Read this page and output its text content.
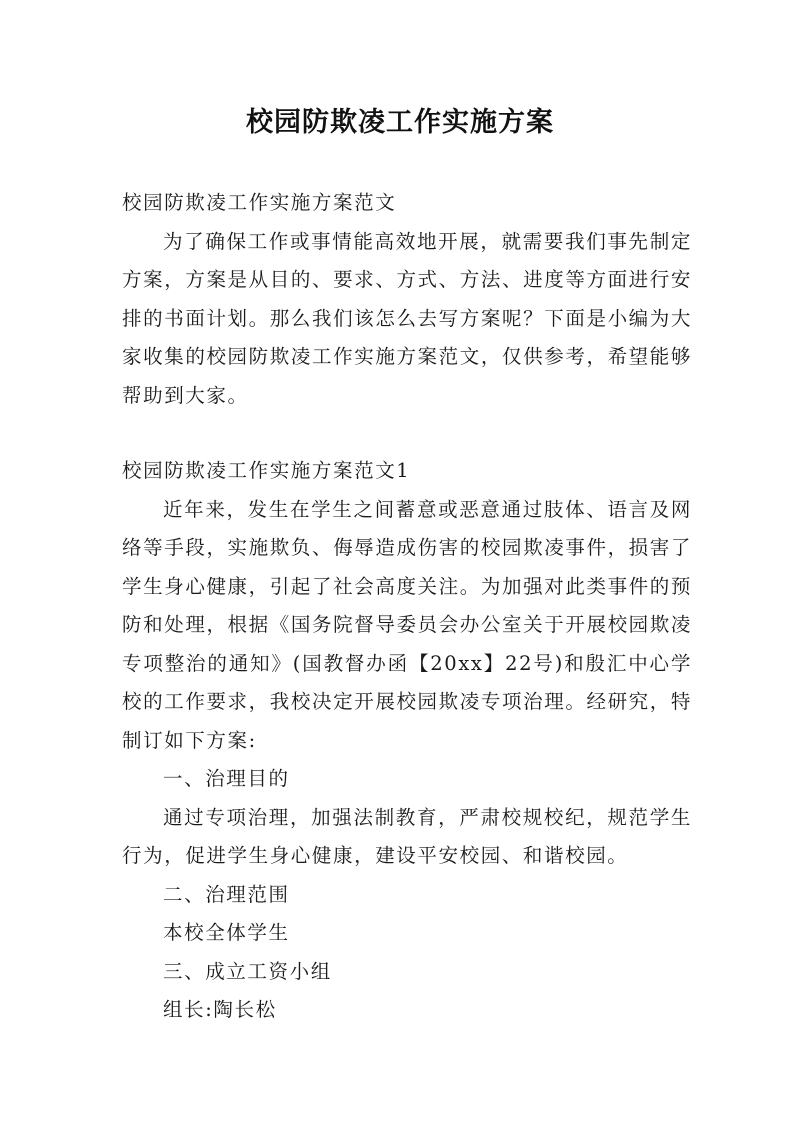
校园防欺凌工作实施方案

校园防欺凌工作实施方案范文

为了确保工作或事情能高效地开展，就需要我们事先制定方案，方案是从目的、要求、方式、方法、进度等方面进行安排的书面计划。那么我们该怎么去写方案呢？下面是小编为大家收集的校园防欺凌工作实施方案范文，仅供参考，希望能够帮助到大家。

校园防欺凌工作实施方案范文1

近年来，发生在学生之间蓄意或恶意通过肢体、语言及网络等手段，实施欺负、侮辱造成伤害的校园欺凌事件，损害了学生身心健康，引起了社会高度关注。为加强对此类事件的预防和处理，根据《国务院督导委员会办公室关于开展校园欺凌专项整治的通知》(国教督办函【20xx】22号)和殷汇中心学校的工作要求，我校决定开展校园欺凌专项治理。经研究，特制订如下方案:

一、治理目的

通过专项治理，加强法制教育，严肃校规校纪，规范学生行为，促进学生身心健康，建设平安校园、和谐校园。

二、治理范围

本校全体学生

三、成立工资小组

组长:陶长松
